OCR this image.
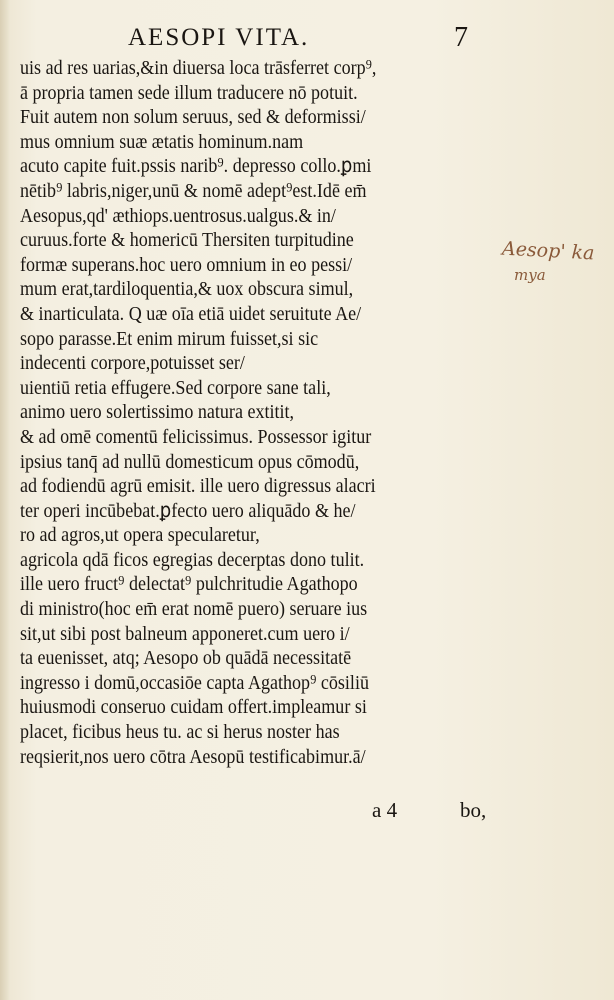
AESOPI VITA.	7
uis ad res uarias,&in diuersa loca trāsferret corp⁹,
ā propria tamen sede illum traducere nō potuit.
Fuit autem non solum seruus, sed & deformissi/
mus omnium suæ ætatis hominum.nam
acuto capite fuit.pssis narib⁹. depresso collo.ꝑmi
nētib⁹ labris,niger,unū & nomē adept⁹est.Idē em̄
Aesopus,qd' æthiops.uentrosus.ualgus.& in/
curuus.forte & homericū Thersiten turpitudine
formæ superans.hoc uero omnium in eo pessi/
mum erat,tardiloquentia,& uox obscura simul,
& inarticulata. Q uæ oīa etiā uidet seruitute Ae/
sopo parasse.Et enim mirum fuisset,si sic
indecenti corpore,potuisset ser/
uientiū retia effugere.Sed corpore sane tali,
animo uero solertissimo natura extitit,
& ad omē comentū felicissimus. Possessor igitur
ipsius tanq̄ ad nullū domesticum opus cōmodū,
ad fodiendū agrū emisit. ille uero digressus alacri
ter operi incūbebat.ꝑfecto uero aliquādo & he/
ro ad agros,ut opera specularetur,
agricola qdā ficos egregias decerptas dono tulit.
ille uero fruct⁹ delectat⁹ pulchritudie Agathopo
di ministro(hoc em̄ erat nomē puero) seruare ius
sit,ut sibi post balneum apponeret.cum uero i/
ta euenisset, atq; Aesopo ob quādā necessitatē
ingresso i domū,occasiōe capta Agathop⁹ cōsiliū
huiusmodi conseruo cuidam offert.impleamur si
placet, ficibus heus tu. ac si herus noster has
reqsierit,nos uero cōtra Aesopū testificabimur.ā/
a 4	bo,
Aesop' ka
mya
